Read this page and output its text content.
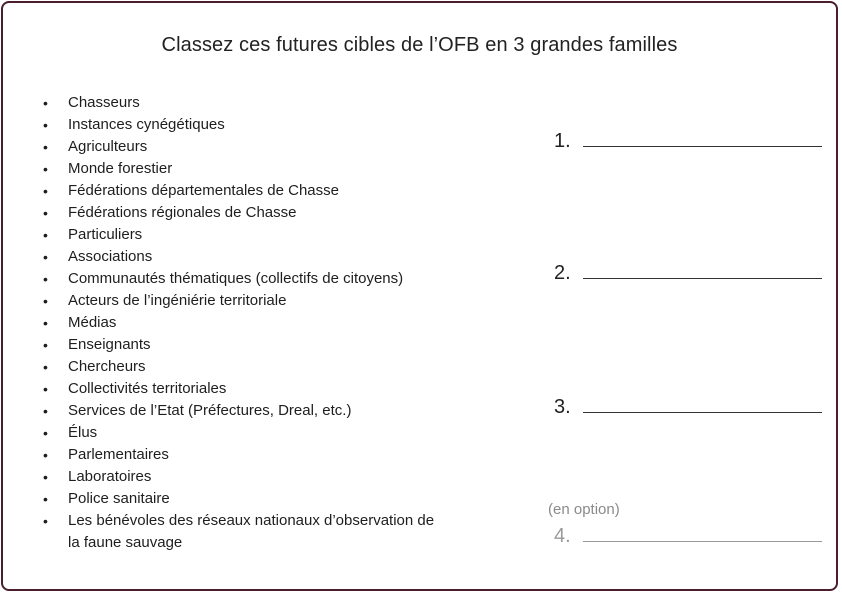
Classez ces futures cibles de l’OFB en 3 grandes familles
• Chasseurs
• Instances cynégétiques
• Agriculteurs
• Monde forestier
• Fédérations départementales de Chasse
• Fédérations régionales de Chasse
• Particuliers
• Associations
• Communautés thématiques (collectifs de citoyens)
• Acteurs de l’ingéniérie territoriale
• Médias
• Enseignants
• Chercheurs
• Collectivités territoriales
• Services de l’Etat (Préfectures, Dreal, etc.)
• Élus
• Parlementaires
• Laboratoires
• Police sanitaire
• Les bénévoles des réseaux nationaux d’observation de la faune sauvage
1.
2.
3.
(en option)
4.
